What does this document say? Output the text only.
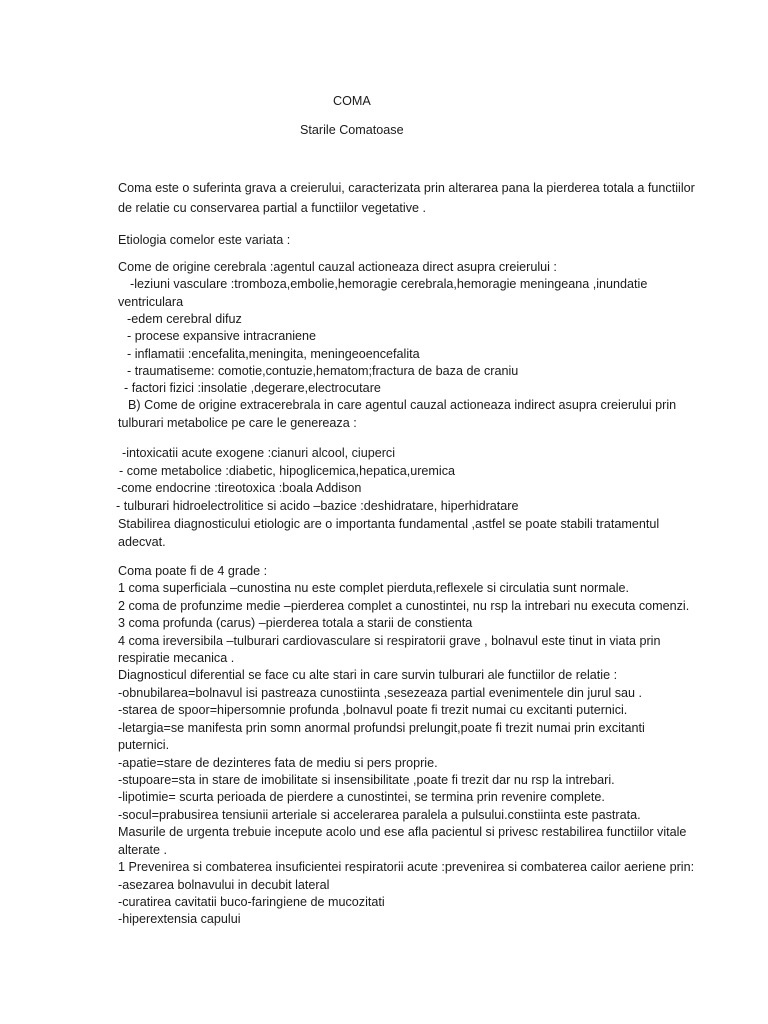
COMA
Starile Comatoase
Coma este o suferinta grava a creierului, caracterizata prin alterarea pana la pierderea totala a functiilor
de relatie cu conservarea partial a functiilor vegetative .
Etiologia comelor este variata :
Come de origine cerebrala :agentul cauzal actioneaza direct asupra creierului :
-leziuni vasculare :tromboza,embolie,hemoragie cerebrala,hemoragie meningeana ,inundatie
ventriculara
-edem cerebral difuz
- procese expansive intracraniene
- inflamatii :encefalita,meningita, meningeoencefalita
- traumatiseme: comotie,contuzie,hematom;fractura de baza de craniu
- factori fizici :insolatie ,degerare,electrocutare
B) Come de origine extracerebrala in care agentul cauzal actioneaza indirect asupra creierului prin
tulburari metabolice pe care le genereaza :
-intoxicatii acute exogene :cianuri alcool, ciuperci
- come metabolice :diabetic, hipoglicemica,hepatica,uremica
-come endocrine :tireotoxica :boala Addison
- tulburari hidroelectrolitice si acido –bazice :deshidratare, hiperhidratare
Stabilirea diagnosticului etiologic are o importanta fundamental ,astfel se poate stabili tratamentul
adecvat.
Coma poate fi de 4 grade :
1 coma superficiala –cunostina nu este complet pierduta,reflexele si circulatia sunt normale.
2 coma de profunzime medie –pierderea complet a cunostintei, nu rsp la intrebari nu executa comenzi.
3 coma profunda (carus) –pierderea totala a starii de constienta
4 coma ireversibila –tulburari cardiovasculare si respiratorii grave , bolnavul este tinut in viata prin
respiratie mecanica .
Diagnosticul diferential se face cu alte stari in care survin tulburari ale functiilor de relatie :
-obnubilarea=bolnavul isi pastreaza cunostiinta ,sesezeaza partial evenimentele din jurul sau .
-starea de spoor=hipersomnie profunda ,bolnavul poate fi trezit numai cu excitanti puternici.
-letargia=se manifesta prin somn anormal profundsi prelungit,poate fi trezit numai prin excitanti
puternici.
-apatie=stare de dezinteres fata de mediu si pers proprie.
-stupoare=sta in stare de imobilitate si insensibilitate ,poate fi trezit dar nu rsp la intrebari.
-lipotimie= scurta perioada de pierdere a cunostintei, se termina prin revenire complete.
-socul=prabusirea tensiunii arteriale si accelerarea paralela a pulsului.constiinta este pastrata.
Masurile de urgenta trebuie incepute acolo und ese afla pacientul si privesc restabilirea functiilor vitale
alterate .
1 Prevenirea si combaterea insuficientei respiratorii acute :prevenirea si combaterea cailor aeriene prin:
-asezarea bolnavului in decubit lateral
-curatirea cavitatii buco-faringiene de mucozitati
-hiperextensia capului
